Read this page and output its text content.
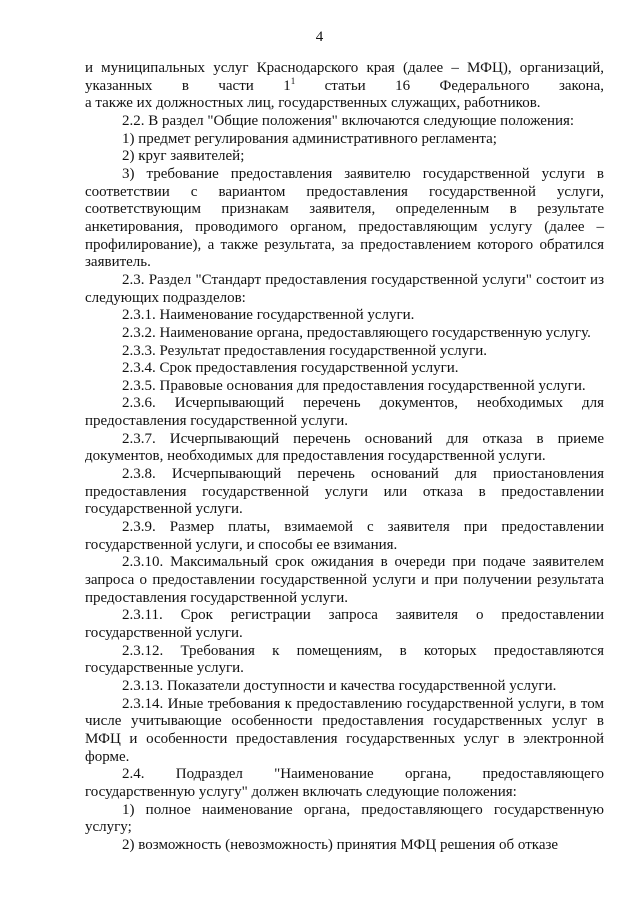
4
и муниципальных услуг Краснодарского края (далее – МФЦ), организаций,
указанных в части $1^1$ статьи 16 Федерального закона,
а также их должностных лиц, государственных служащих, работников.
2.2. В раздел "Общие положения" включаются следующие положения:
1) предмет регулирования административного регламента;
2) круг заявителей;
3) требование предоставления заявителю государственной услуги в соответствии с вариантом предоставления государственной услуги, соответствующим признакам заявителя, определенным в результате анкетирования, проводимого органом, предоставляющим услугу (далее – профилирование), а также результата, за предоставлением которого обратился заявитель.
2.3. Раздел "Стандарт предоставления государственной услуги" состоит из следующих подразделов:
2.3.1. Наименование государственной услуги.
2.3.2. Наименование органа, предоставляющего государственную услугу.
2.3.3. Результат предоставления государственной услуги.
2.3.4. Срок предоставления государственной услуги.
2.3.5. Правовые основания для предоставления государственной услуги.
2.3.6. Исчерпывающий перечень документов, необходимых для предоставления государственной услуги.
2.3.7. Исчерпывающий перечень оснований для отказа в приеме документов, необходимых для предоставления государственной услуги.
2.3.8. Исчерпывающий перечень оснований для приостановления предоставления государственной услуги или отказа в предоставлении государственной услуги.
2.3.9. Размер платы, взимаемой с заявителя при предоставлении государственной услуги, и способы ее взимания.
2.3.10. Максимальный срок ожидания в очереди при подаче заявителем запроса о предоставлении государственной услуги и при получении результата предоставления государственной услуги.
2.3.11. Срок регистрации запроса заявителя о предоставлении государственной услуги.
2.3.12. Требования к помещениям, в которых предоставляются государственные услуги.
2.3.13. Показатели доступности и качества государственной услуги.
2.3.14. Иные требования к предоставлению государственной услуги, в том числе учитывающие особенности предоставления государственных услуг в МФЦ и особенности предоставления государственных услуг в электронной форме.
2.4. Подраздел "Наименование органа, предоставляющего государственную услугу" должен включать следующие положения:
1) полное наименование органа, предоставляющего государственную услугу;
2) возможность (невозможность) принятия МФЦ решения об отказе
